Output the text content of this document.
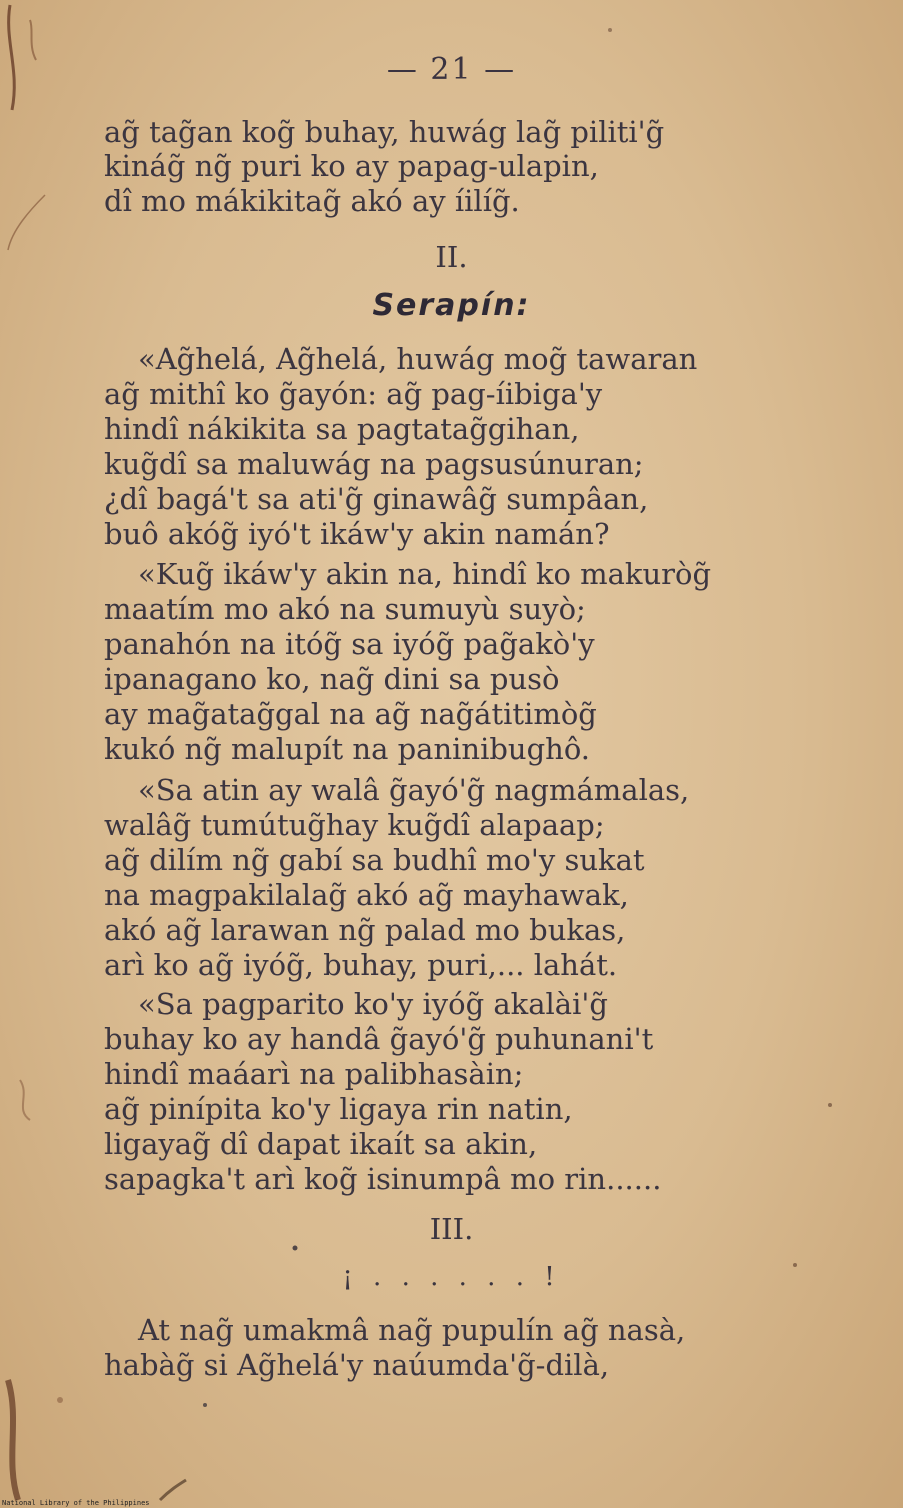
— 21 —
ag̃ tag̃an kog̃ buhay, huwág lag̃ piliti'g̃
kinág̃ ng̃ puri ko ay papag-ulapin,
dî mo mákikitag̃ akó ay íilíg̃.
II.
Serapín:
«Ag̃helá, Ag̃helá, huwág mog̃ tawaran
ag̃ mithî ko g̃ayón: ag̃ pag-íibiga'y
hindî nákikita sa pagtatag̃gihan,
kug̃dî sa maluwág na pagsusúnuran;
¿dî bagá't sa ati'g̃ ginawâg̃ sumpâan,
buô akóg̃ iyó't ikáw'y akin namán?
«Kug̃ ikáw'y akin na, hindî ko makuròg̃
maatím mo akó na sumuyù suyò;
panahón na itóg̃ sa iyóg̃ pag̃akò'y
ipanagano ko, nag̃ dini sa pusò
ay mag̃atag̃gal na ag̃ nag̃átitimòg̃
kukó ng̃ malupít na paninibughô.
«Sa atin ay walâ g̃ayó'g̃ nagmámalas,
walâg̃ tumútug̃hay kug̃dî alapaap;
ag̃ dilím ng̃ gabí sa budhî mo'y sukat
na magpakilalag̃ akó ag̃ mayhawak,
akó ag̃ larawan ng̃ palad mo bukas,
arì ko ag̃ iyóg̃, buhay, puri,... lahát.
«Sa pagparito ko'y iyóg̃ akalài'g̃
buhay ko ay handâ g̃ayó'g̃ puhunani't
hindî maáarì na palibhasàin;
ag̃ pinípita ko'y ligaya rin natin,
ligayag̃ dî dapat ikaít sa akin,
sapagka't arì kog̃ isinumpâ mo rin......
III.
¡ . . . . . . !
At nag̃ umakmâ nag̃ pupulín ag̃ nasà,
habàg̃ si Ag̃helá'y naúumda'g̃-dilà,
National Library of the Philippines
